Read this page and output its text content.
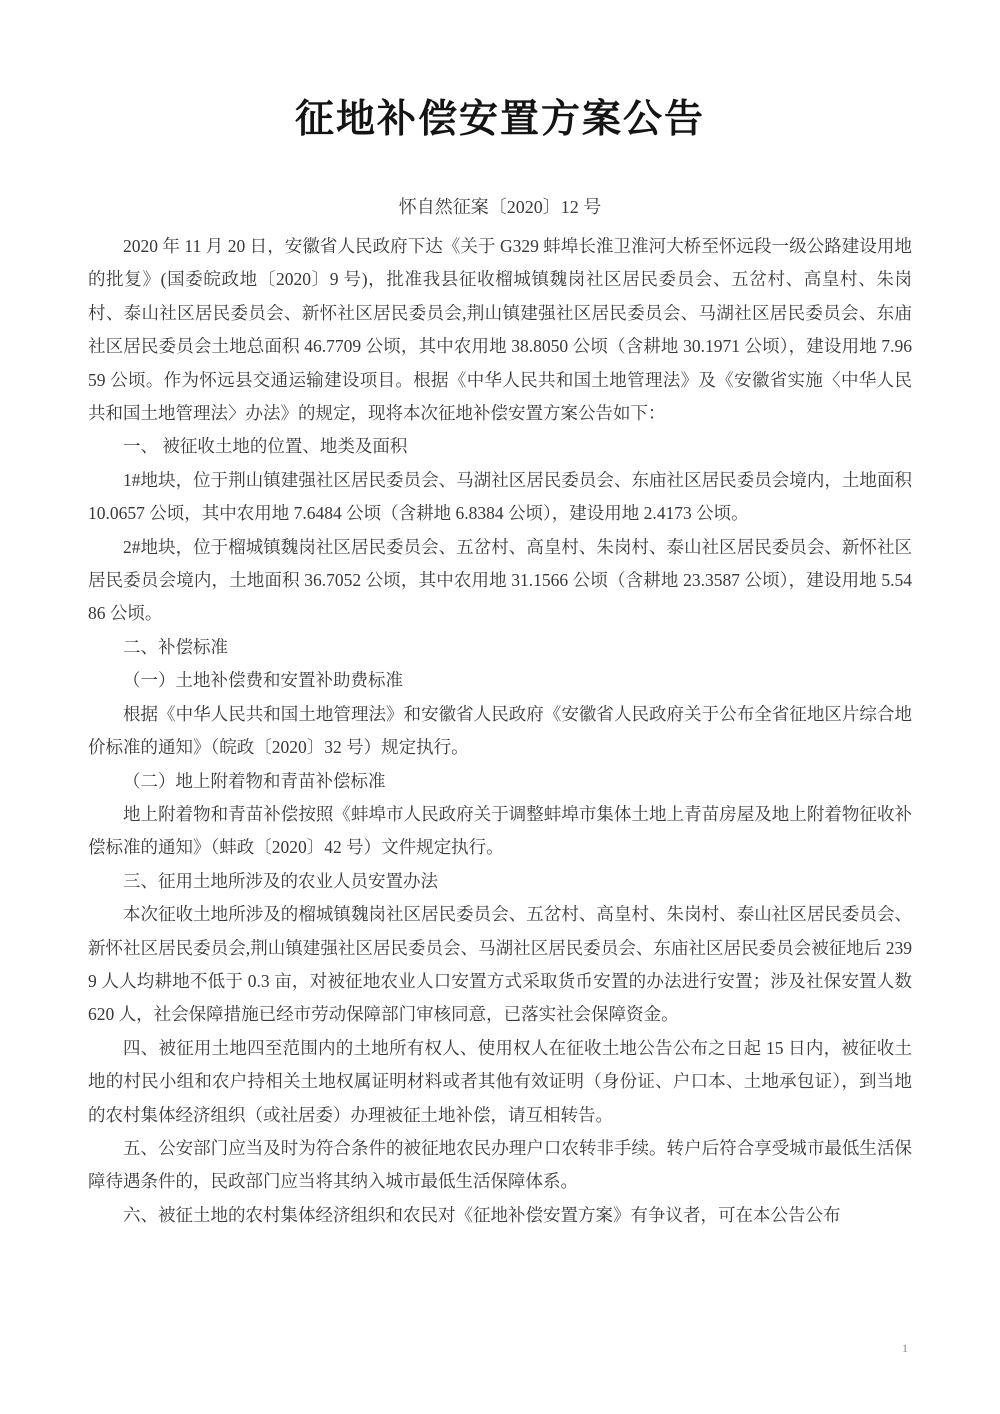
征地补偿安置方案公告
怀自然征案〔2020〕12 号

2020 年 11 月 20 日，安徽省人民政府下达《关于 G329 蚌埠长淮卫淮河大桥至怀远段一级公路建设用地的批复》(国委皖政地〔2020〕9 号)，批准我县征收榴城镇魏岗社区居民委员会、五岔村、高皇村、朱岗村、泰山社区居民委员会、新怀社区居民委员会,荆山镇建强社区居民委员会、马湖社区居民委员会、东庙社区居民委员会土地总面积 46.7709 公顷，其中农用地 38.8050 公顷（含耕地 30.1971 公顷），建设用地 7.9659 公顷。作为怀远县交通运输建设项目。根据《中华人民共和国土地管理法》及《安徽省实施〈中华人民共和国土地管理法〉办法》的规定，现将本次征地补偿安置方案公告如下：

一、 被征收土地的位置、地类及面积

1#地块，位于荆山镇建强社区居民委员会、马湖社区居民委员会、东庙社区居民委员会境内，土地面积 10.0657 公顷，其中农用地 7.6484 公顷（含耕地 6.8384 公顷），建设用地 2.4173 公顷。

2#地块，位于榴城镇魏岗社区居民委员会、五岔村、高皇村、朱岗村、泰山社区居民委员会、新怀社区居民委员会境内，土地面积 36.7052 公顷，其中农用地 31.1566 公顷（含耕地 23.3587 公顷），建设用地 5.5486 公顷。

二、补偿标准

（一）土地补偿费和安置补助费标准

根据《中华人民共和国土地管理法》和安徽省人民政府《安徽省人民政府关于公布全省征地区片综合地价标准的通知》（皖政〔2020〕32 号）规定执行。

（二）地上附着物和青苗补偿标准

地上附着物和青苗补偿按照《蚌埠市人民政府关于调整蚌埠市集体土地上青苗房屋及地上附着物征收补偿标准的通知》（蚌政〔2020〕42 号）文件规定执行。

三、征用土地所涉及的农业人员安置办法

本次征收土地所涉及的榴城镇魏岗社区居民委员会、五岔村、高皇村、朱岗村、泰山社区居民委员会、新怀社区居民委员会,荆山镇建强社区居民委员会、马湖社区居民委员会、东庙社区居民委员会被征地后 2399 人人均耕地不低于 0.3 亩，对被征地农业人口安置方式采取货币安置的办法进行安置；涉及社保安置人数 620 人，社会保障措施已经市劳动保障部门审核同意，已落实社会保障资金。

四、被征用土地四至范围内的土地所有权人、使用权人在征收土地公告公布之日起 15 日内，被征收土地的村民小组和农户持相关土地权属证明材料或者其他有效证明（身份证、户口本、土地承包证），到当地的农村集体经济组织（或社居委）办理被征土地补偿，请互相转告。

五、公安部门应当及时为符合条件的被征地农民办理户口农转非手续。转户后符合享受城市最低生活保障待遇条件的，民政部门应当将其纳入城市最低生活保障体系。

六、被征土地的农村集体经济组织和农民对《征地补偿安置方案》有争议者，可在本公告公布

1
